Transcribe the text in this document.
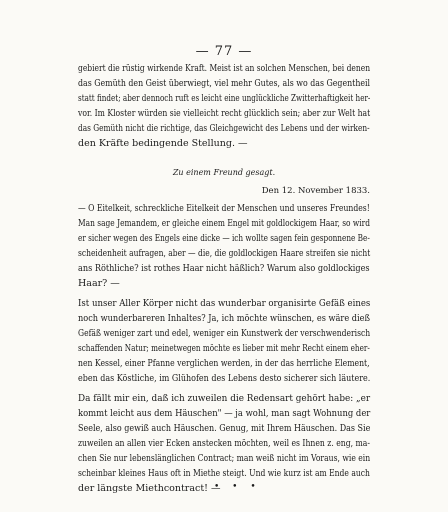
— 77 —
gebiert die rüstig wirkende Kraft. Meist ist an solchen Menschen, bei denen
das Gemüth den Geist überwiegt, viel mehr Gutes, als wo das Gegentheil
statt findet; aber dennoch ruft es leicht eine unglückliche Zwitterhaftigkeit her-
vor. Im Kloster würden sie vielleicht recht glücklich sein; aber zur Welt hat
das Gemüth nicht die richtige, das Gleichgewicht des Lebens und der wirken-
den Kräfte bedingende Stellung. —
Zu einem Freund gesagt.
Den 12. November 1833.
— O Eitelkeit, schreckliche Eitelkeit der Menschen und unseres Freundes!
Man sage Jemandem, er gleiche einem Engel mit goldlockigem Haar, so wird
er sicher wegen des Engels eine dicke — ich wollte sagen fein gesponnene Be-
scheidenheit aufragen, aber — die, die goldlockigen Haare streifen sie nicht
ans Röthliche? ist rothes Haar nicht häßlich? Warum also goldlockiges
Haar? —
Ist unser Aller Körper nicht das wunderbar organisirte Gefäß eines
noch wunderbareren Inhaltes? Ja, ich möchte wünschen, es wäre dieß
Gefäß weniger zart und edel, weniger ein Kunstwerk der verschwenderisch
schaffenden Natur; meinetwegen möchte es lieber mit mehr Recht einem eher-
nen Kessel, einer Pfanne verglichen werden, in der das herrliche Element,
eben das Köstliche, im Glühofen des Lebens desto sicherer sich läutere.
Da fällt mir ein, daß ich zuweilen die Redensart gehört habe: „er
kommt leicht aus dem Häuschen" — ja wohl, man sagt Wohnung der
Seele, also gewiß auch Häuschen. Genug, mit Ihrem Häuschen. Das Sie
zuweilen an allen vier Ecken anstecken möchten, weil es Ihnen z. eng, ma-
chen Sie nur lebenslänglichen Contract; man weiß nicht im Voraus, wie ein
scheinbar kleines Haus oft in Miethe steigt. Und wie kurz ist am Ende auch
der längste Miethcontract! —
• • •
